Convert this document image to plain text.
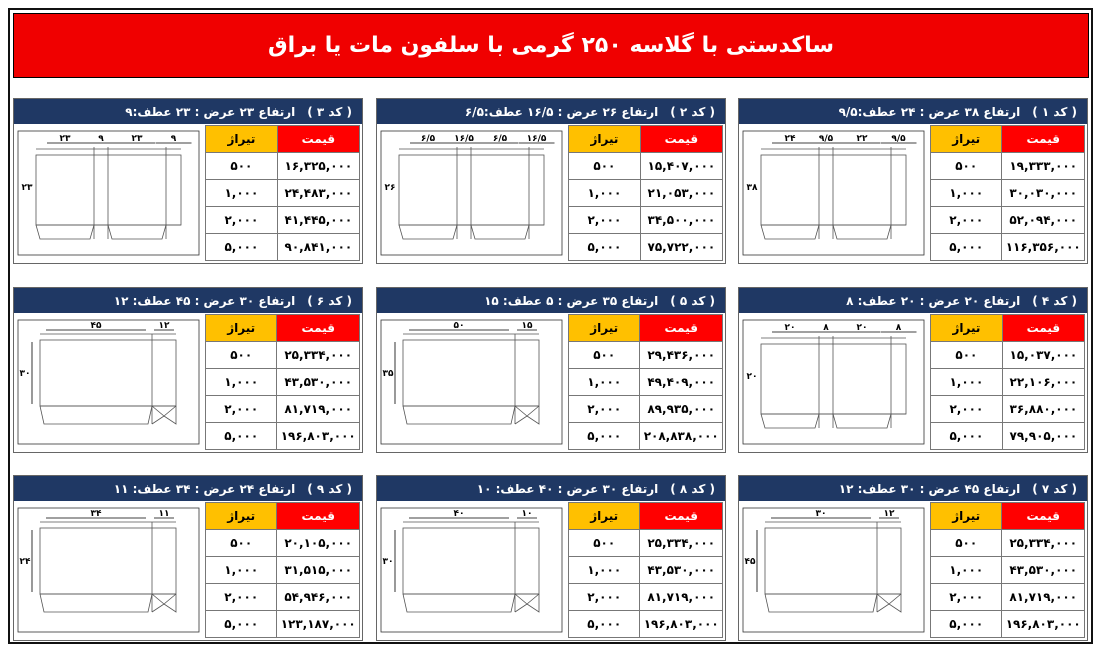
ساکدستی با گلاسه ۲۵۰ گرمی با سلفون مات یا براق
( کد ۱ )
ارتفاع ۳۸ عرض : ۲۴ عطف:۹/۵
تیراژ	قیمت
۵۰۰	۱۹,۳۳۳,۰۰۰
۱,۰۰۰	۳۰,۰۳۰,۰۰۰
۲,۰۰۰	۵۲,۰۹۴,۰۰۰
۵,۰۰۰	۱۱۶,۳۵۶,۰۰۰
۲۴	۹/۵	۲۲	۹/۵
۳۸
( کد ۲ )
ارتفاع ۲۶ عرض : ۱۶/۵ عطف:۶/۵
تیراژ	قیمت
۵۰۰	۱۵,۴۰۷,۰۰۰
۱,۰۰۰	۲۱,۰۵۳,۰۰۰
۲,۰۰۰	۳۴,۵۰۰,۰۰۰
۵,۰۰۰	۷۵,۷۲۲,۰۰۰
۶/۵ ۱۶/۵ ۶/۵ ۱۶/۵
۲۶
( کد ۳ )
ارتفاع ۲۳ عرض : ۲۳ عطف:۹
تیراژ	قیمت
۵۰۰	۱۶,۳۲۵,۰۰۰
۱,۰۰۰	۲۴,۴۸۳,۰۰۰
۲,۰۰۰	۴۱,۴۴۵,۰۰۰
۵,۰۰۰	۹۰,۸۴۱,۰۰۰
۲۳	۹	۲۳	۹
۲۳
( کد ۴ )
ارتفاع ۲۰ عرض : ۲۰ عطف: ۸
تیراژ	قیمت
۵۰۰	۱۵,۰۳۷,۰۰۰
۱,۰۰۰	۲۲,۱۰۶,۰۰۰
۲,۰۰۰	۳۶,۸۸۰,۰۰۰
۵,۰۰۰	۷۹,۹۰۵,۰۰۰
۲۰	۸	۲۰	۸
۲۰
( کد ۵ )
ارتفاع ۳۵ عرض : ۵ عطف: ۱۵
تیراژ	قیمت
۵۰۰	۲۹,۴۳۶,۰۰۰
۱,۰۰۰	۴۹,۴۰۹,۰۰۰
۲,۰۰۰	۸۹,۹۳۵,۰۰۰
۵,۰۰۰	۲۰۸,۸۳۸,۰۰۰
۵۰	۱۵
۳۵
( کد ۶ )
ارتفاع ۳۰ عرض : ۴۵ عطف: ۱۲
تیراژ	قیمت
۵۰۰	۲۵,۳۳۴,۰۰۰
۱,۰۰۰	۴۳,۵۳۰,۰۰۰
۲,۰۰۰	۸۱,۷۱۹,۰۰۰
۵,۰۰۰	۱۹۶,۸۰۳,۰۰۰
۴۵	۱۲
۳۰
( کد ۷ )
ارتفاع ۴۵ عرض : ۳۰ عطف: ۱۲
تیراژ	قیمت
۵۰۰	۲۵,۳۳۴,۰۰۰
۱,۰۰۰	۴۳,۵۳۰,۰۰۰
۲,۰۰۰	۸۱,۷۱۹,۰۰۰
۵,۰۰۰	۱۹۶,۸۰۳,۰۰۰
۳۰	۱۲
۴۵
( کد ۸ )
ارتفاع ۳۰ عرض : ۴۰ عطف: ۱۰
تیراژ	قیمت
۵۰۰	۲۵,۳۳۴,۰۰۰
۱,۰۰۰	۴۳,۵۳۰,۰۰۰
۲,۰۰۰	۸۱,۷۱۹,۰۰۰
۵,۰۰۰	۱۹۶,۸۰۳,۰۰۰
۴۰	۱۰
۳۰
( کد ۹ )
ارتفاع ۲۴ عرض : ۳۴ عطف: ۱۱
تیراژ	قیمت
۵۰۰	۲۰,۱۰۵,۰۰۰
۱,۰۰۰	۳۱,۵۱۵,۰۰۰
۲,۰۰۰	۵۴,۹۴۶,۰۰۰
۵,۰۰۰	۱۲۳,۱۸۷,۰۰۰
۳۴	۱۱
۲۴
